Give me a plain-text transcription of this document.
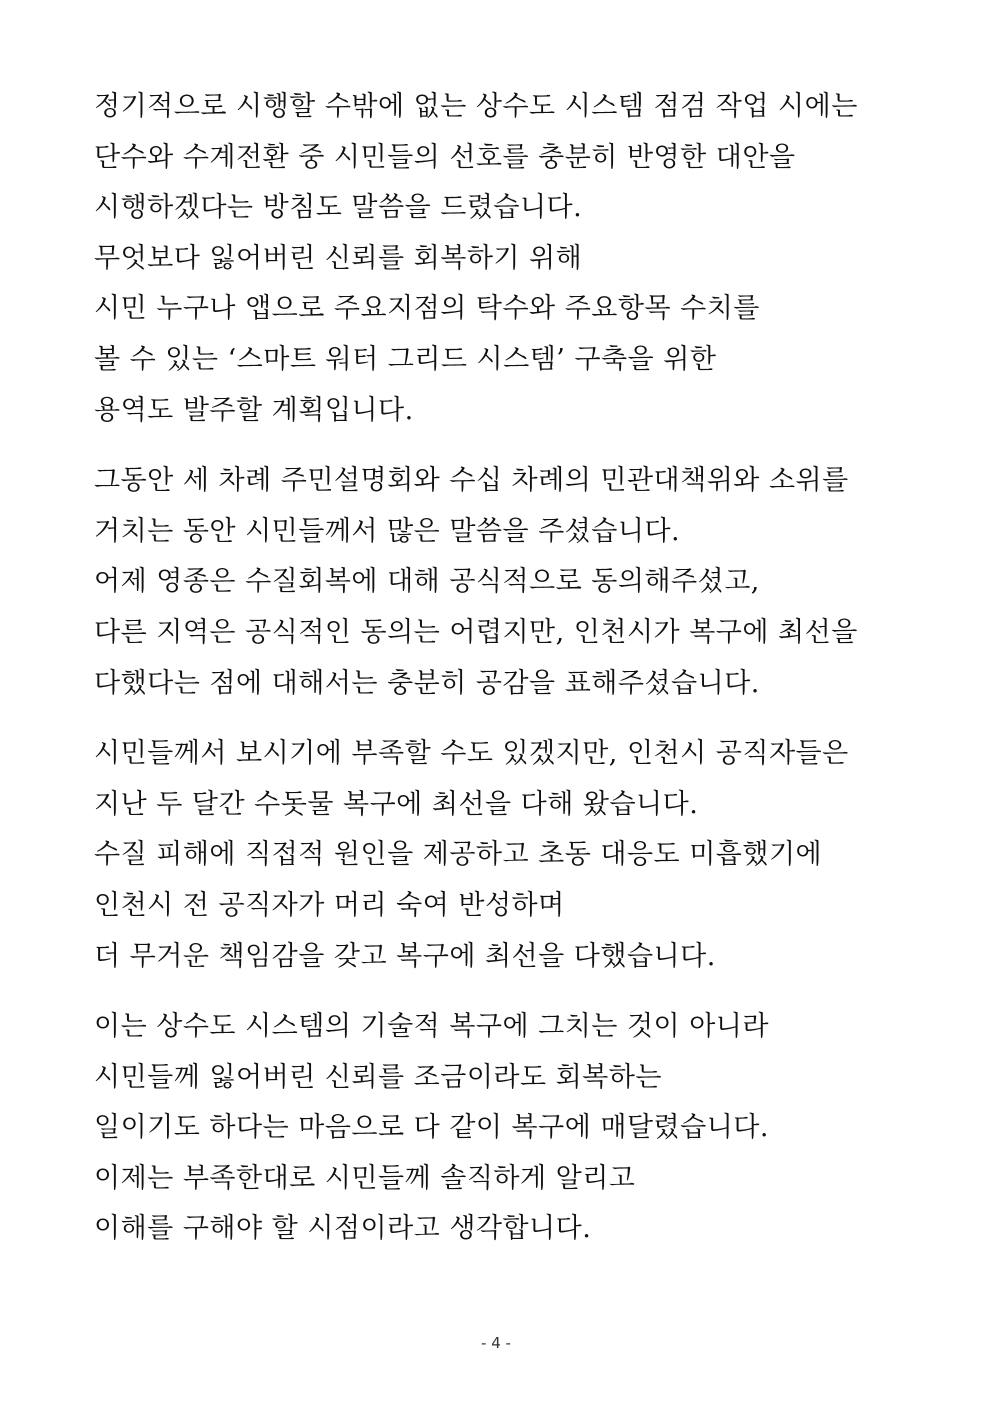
정기적으로 시행할 수밖에 없는 상수도 시스템 점검 작업 시에는
단수와 수계전환 중 시민들의 선호를 충분히 반영한 대안을
시행하겠다는 방침도 말씀을 드렸습니다.
무엇보다 잃어버린 신뢰를 회복하기 위해
시민 누구나 앱으로 주요지점의 탁수와 주요항목 수치를
볼 수 있는 ‘스마트 워터 그리드 시스템’ 구축을 위한
용역도 발주할 계획입니다.
그동안 세 차례 주민설명회와 수십 차례의 민관대책위와 소위를
거치는 동안 시민들께서 많은 말씀을 주셨습니다.
어제 영종은 수질회복에 대해 공식적으로 동의해주셨고,
다른 지역은 공식적인 동의는 어렵지만, 인천시가 복구에 최선을
다했다는 점에 대해서는 충분히 공감을 표해주셨습니다.
시민들께서 보시기에 부족할 수도 있겠지만, 인천시 공직자들은
지난 두 달간 수돗물 복구에 최선을 다해 왔습니다.
수질 피해에 직접적 원인을 제공하고 초동 대응도 미흡했기에
인천시 전 공직자가 머리 숙여 반성하며
더 무거운 책임감을 갖고 복구에 최선을 다했습니다.
이는 상수도 시스템의 기술적 복구에 그치는 것이 아니라
시민들께 잃어버린 신뢰를 조금이라도 회복하는
일이기도 하다는 마음으로 다 같이 복구에 매달렸습니다.
이제는 부족한대로 시민들께 솔직하게 알리고
이해를 구해야 할 시점이라고 생각합니다.
- 4 -
